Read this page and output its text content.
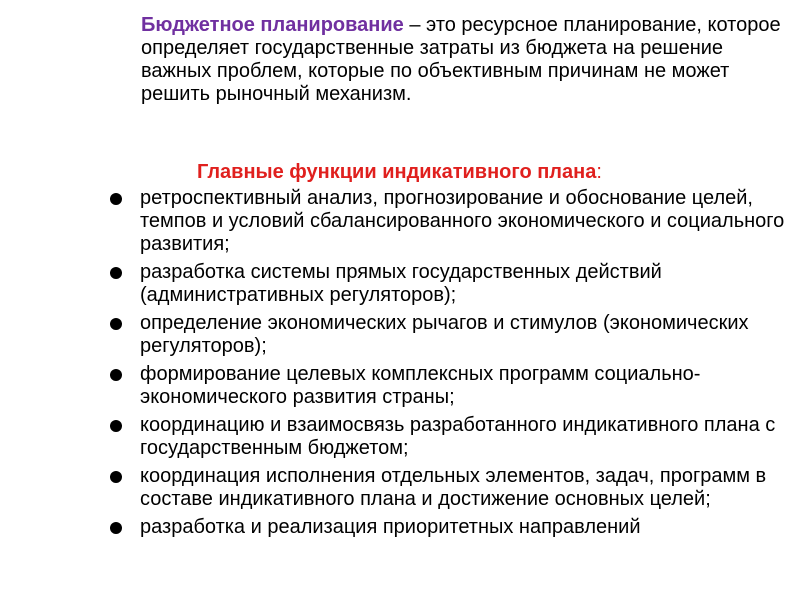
Бюджетное планирование – это ресурсное планирование, которое определяет государственные затраты из бюджета на решение важных проблем, которые по объективным причинам не может решить рыночный механизм.

Главные функции индикативного плана:

ретроспективный анализ, прогнозирование и обоснование целей, темпов и условий сбалансированного экономического и социального развития;
разработка системы прямых государственных действий (административных регуляторов);
определение экономических рычагов и стимулов (экономических регуляторов);
формирование целевых комплексных программ социально-экономического развития страны;
координацию и взаимосвязь разработанного индикативного плана с государственным бюджетом;
координация исполнения отдельных элементов, задач, программ в составе индикативного плана и достижение основных целей;
разработка и реализация приоритетных направлений
